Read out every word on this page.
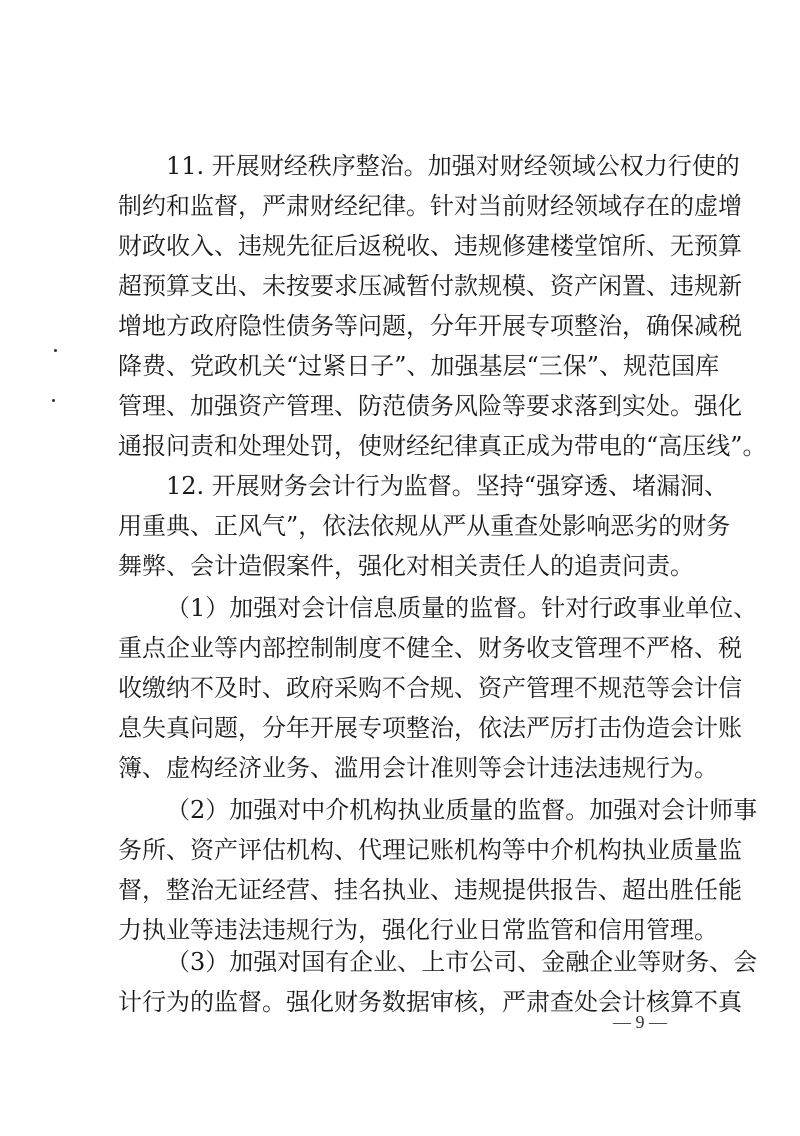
11. 开展财经秩序整治。加强对财经领域公权力行使的
制约和监督，严肃财经纪律。针对当前财经领域存在的虚增
财政收入、违规先征后返税收、违规修建楼堂馆所、无预算
超预算支出、未按要求压减暂付款规模、资产闲置、违规新
增地方政府隐性债务等问题，分年开展专项整治，确保减税
降费、党政机关“过紧日子”、加强基层“三保”、规范国库
管理、加强资产管理、防范债务风险等要求落到实处。强化
通报问责和处理处罚，使财经纪律真正成为带电的“高压线”。
12. 开展财务会计行为监督。坚持“强穿透、堵漏洞、
用重典、正风气”，依法依规从严从重查处影响恶劣的财务
舞弊、会计造假案件，强化对相关责任人的追责问责。
（1）加强对会计信息质量的监督。针对行政事业单位、
重点企业等内部控制制度不健全、财务收支管理不严格、税
收缴纳不及时、政府采购不合规、资产管理不规范等会计信
息失真问题，分年开展专项整治，依法严厉打击伪造会计账
簿、虚构经济业务、滥用会计准则等会计违法违规行为。
（2）加强对中介机构执业质量的监督。加强对会计师事
务所、资产评估机构、代理记账机构等中介机构执业质量监
督，整治无证经营、挂名执业、违规提供报告、超出胜任能
力执业等违法违规行为，强化行业日常监管和信用管理。
（3）加强对国有企业、上市公司、金融企业等财务、会
计行为的监督。强化财务数据审核，严肃查处会计核算不真
— 9 —
